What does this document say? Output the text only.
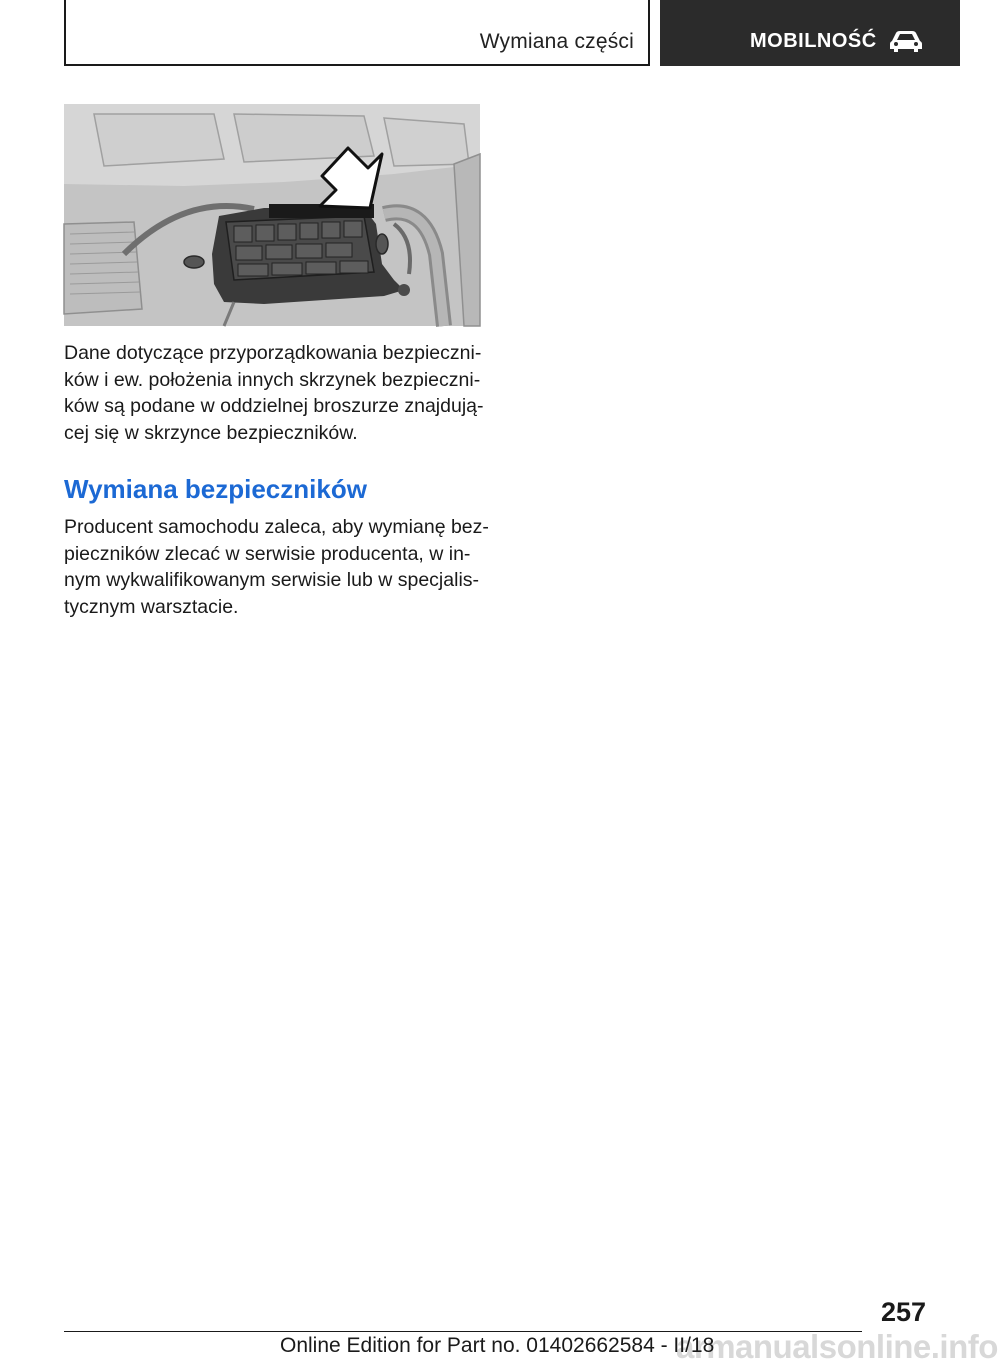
Wymiana części	MOBILNOŚĆ
Dane dotyczące przyporządkowania bezpieczni‐
ków i ew. położenia innych skrzynek bezpieczni‐
ków są podane w oddzielnej broszurze znajdują‐
cej się w skrzynce bezpieczników.
Wymiana bezpieczników
Producent samochodu zaleca, aby wymianę bez‐
pieczników zlecać w serwisie producenta, w in‐
nym wykwalifikowanym serwisie lub w specjalis‐
tycznym warsztacie.
257
armanualsonline.info
Online Edition for Part no. 01402662584 - II/18
